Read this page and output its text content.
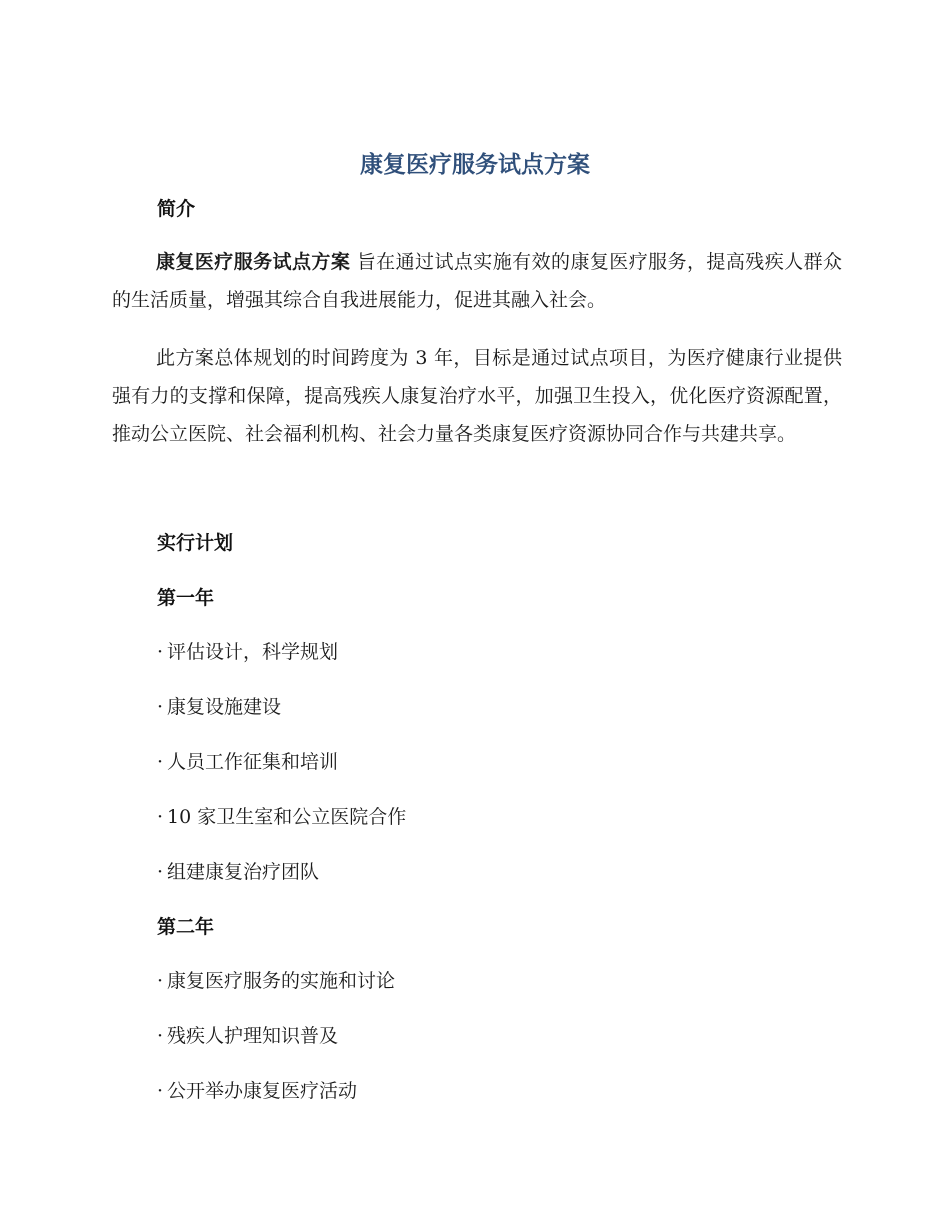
康复医疗服务试点方案
简介

康复医疗服务试点方案 旨在通过试点实施有效的康复医疗服务，提高残疾人群众的生活质量，增强其综合自我进展能力，促进其融入社会。

此方案总体规划的时间跨度为 3 年，目标是通过试点项目，为医疗健康行业提供强有力的支撑和保障，提高残疾人康复治疗水平，加强卫生投入，优化医疗资源配置，推动公立医院、社会福利机构、社会力量各类康复医疗资源协同合作与共建共享。

实行计划
第一年

· 评估设计，科学规划

· 康复设施建设

· 人员工作征集和培训

· 10 家卫生室和公立医院合作

· 组建康复治疗团队

第二年

· 康复医疗服务的实施和讨论

· 残疾人护理知识普及

· 公开举办康复医疗活动
